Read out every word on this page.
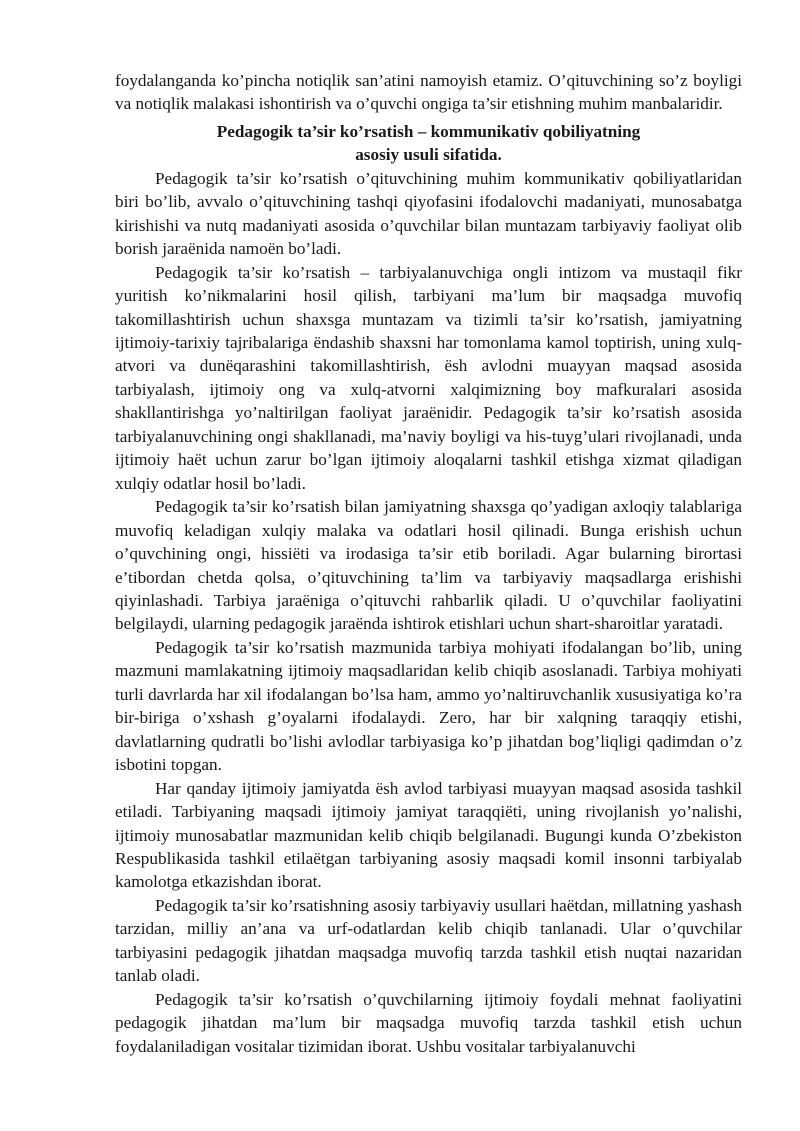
foydalanganda ko’pincha notiqlik san’atini namoyish etamiz. O’qituvchining so’z boyligi va notiqlik malakasi ishontirish va o’quvchi ongiga ta’sir etishning muhim manbalaridir.

Pedagogik ta’sir ko’rsatish – kommunikativ qobiliyatning
asosiy usuli sifatida.

Pedagogik ta’sir ko’rsatish o’qituvchining muhim kommunikativ qobiliyatlaridan biri bo’lib, avvalo o’qituvchining tashqi qiyofasini ifodalovchi madaniyati, munosabatga kirishishi va nutq madaniyati asosida o’quvchilar bilan muntazam tarbiyaviy faoliyat olib borish jaraёnida namoёn bo’ladi.

Pedagogik ta’sir ko’rsatish – tarbiyalanuvchiga ongli intizom va mustaqil fikr yuritish ko’nikmalarini hosil qilish, tarbiyani ma’lum bir maqsadga muvofiq takomillashtirish uchun shaxsga muntazam va tizimli ta’sir ko’rsatish, jamiyatning ijtimoiy-tarixiy tajribalariga ёndashib shaxsni har tomonlama kamol toptirish, uning xulq-atvori va dunёqarashini takomillashtirish, ёsh avlodni muayyan maqsad asosida tarbiyalash, ijtimoiy ong va xulq-atvorni xalqimizning boy mafkuralari asosida shakllantirishga yo’naltirilgan faoliyat jaraёnidir. Pedagogik ta’sir ko’rsatish asosida tarbiyalanuvchining ongi shakllanadi, ma’naviy boyligi va his-tuyg’ulari rivojlanadi, unda ijtimoiy haёt uchun zarur bo’lgan ijtimoiy aloqalarni tashkil etishga xizmat qiladigan xulqiy odatlar hosil bo’ladi.

Pedagogik ta’sir ko’rsatish bilan jamiyatning shaxsga qo’yadigan axloqiy talablariga muvofiq keladigan xulqiy malaka va odatlari hosil qilinadi. Bunga erishish uchun o’quvchining ongi, hissiёti va irodasiga ta’sir etib boriladi. Agar bularning birortasi e’tibordan chetda qolsa, o’qituvchining ta’lim va tarbiyaviy maqsadlarga erishishi qiyinlashadi. Tarbiya jaraёniga o’qituvchi rahbarlik qiladi. U o’quvchilar faoliyatini belgilaydi, ularning pedagogik jaraёnda ishtirok etishlari uchun shart-sharoitlar yaratadi.

Pedagogik ta’sir ko’rsatish mazmunida tarbiya mohiyati ifodalangan bo’lib, uning mazmuni mamlakatning ijtimoiy maqsadlaridan kelib chiqib asoslanadi. Tarbiya mohiyati turli davrlarda har xil ifodalangan bo’lsa ham, ammo yo’naltiruvchanlik xususiyatiga ko’ra bir-biriga o’xshash g’oyalarni ifodalaydi. Zero, har bir xalqning taraqqiy etishi, davlatlarning qudratli bo’lishi avlodlar tarbiyasiga ko’p jihatdan bog’liqligi qadimdan o’z isbotini topgan.

Har qanday ijtimoiy jamiyatda ёsh avlod tarbiyasi muayyan maqsad asosida tashkil etiladi. Tarbiyaning maqsadi ijtimoiy jamiyat taraqqiёti, uning rivojlanish yo’nalishi, ijtimoiy munosabatlar mazmunidan kelib chiqib belgilanadi. Bugungi kunda O’zbekiston Respublikasida tashkil etilaёtgan tarbiyaning asosiy maqsadi komil insonni tarbiyalab kamolotga etkazishdan iborat.

Pedagogik ta’sir ko’rsatishning asosiy tarbiyaviy usullari haёtdan, millatning yashash tarzidan, milliy an’ana va urf-odatlardan kelib chiqib tanlanadi. Ular o’quvchilar tarbiyasini pedagogik jihatdan maqsadga muvofiq tarzda tashkil etish nuqtai nazaridan tanlab oladi.

Pedagogik ta’sir ko’rsatish o’quvchilarning ijtimoiy foydali mehnat faoliyatini pedagogik jihatdan ma’lum bir maqsadga muvofiq tarzda tashkil etish uchun foydalaniladigan vositalar tizimidan iborat. Ushbu vositalar tarbiyalanuvchi
